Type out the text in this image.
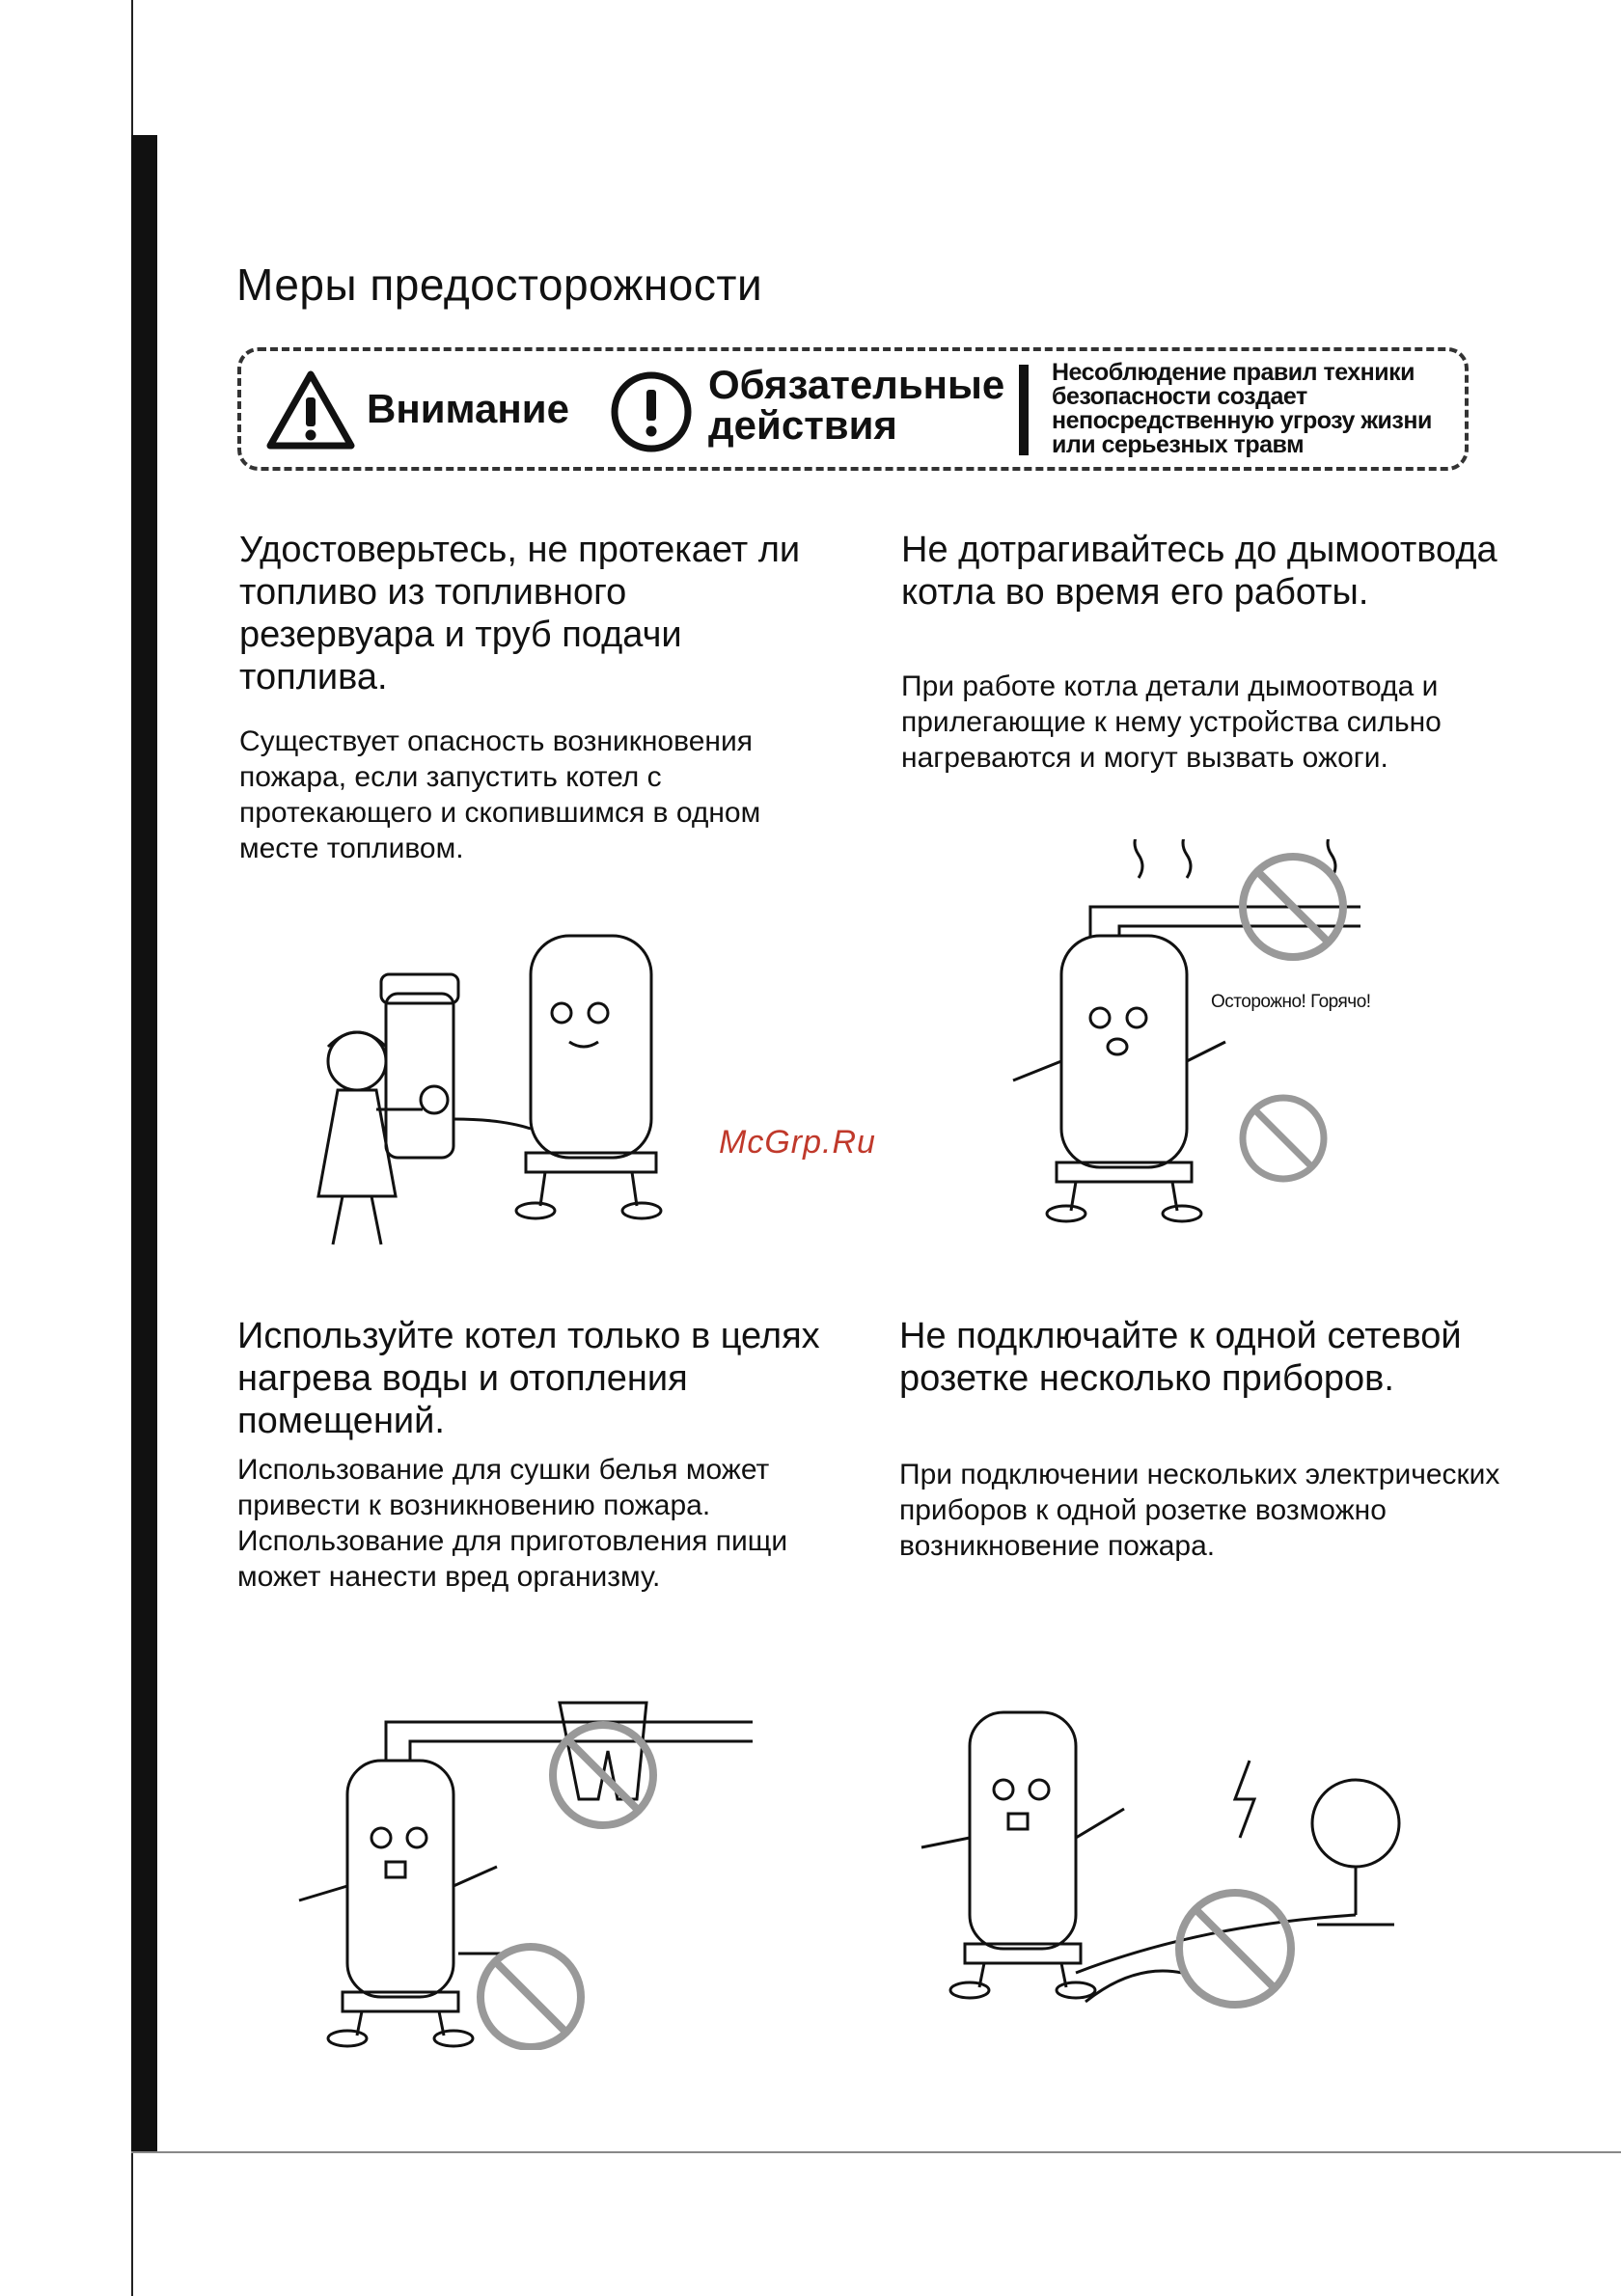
Меры предосторожности
Внимание
Обязательные действия
Несоблюдение правил техники безопасности создает непосредственную угрозу жизни или серьезных травм
Удостоверьтесь, не протекает ли топливо из топливного резервуара и труб подачи топлива.
Существует опасность возникновения пожара, если запустить котел с протекающего и скопившимся в одном месте топливом.
Не дотрагивайтесь до дымоотвода котла во время его работы.
При работе котла детали дымоотвода и прилегающие к нему устройства сильно нагреваются и могут вызвать ожоги.
Осторожно! Горячо!
McGrp.Ru
Используйте котел только в целях нагрева воды и отопления помещений.
Использование для сушки белья может привести к возникновению пожара. Использование для приготовления пищи может нанести вред организму.
Не подключайте к одной сетевой розетке несколько приборов.
При подключении нескольких электрических приборов к одной розетке возможно возникновение пожара.
